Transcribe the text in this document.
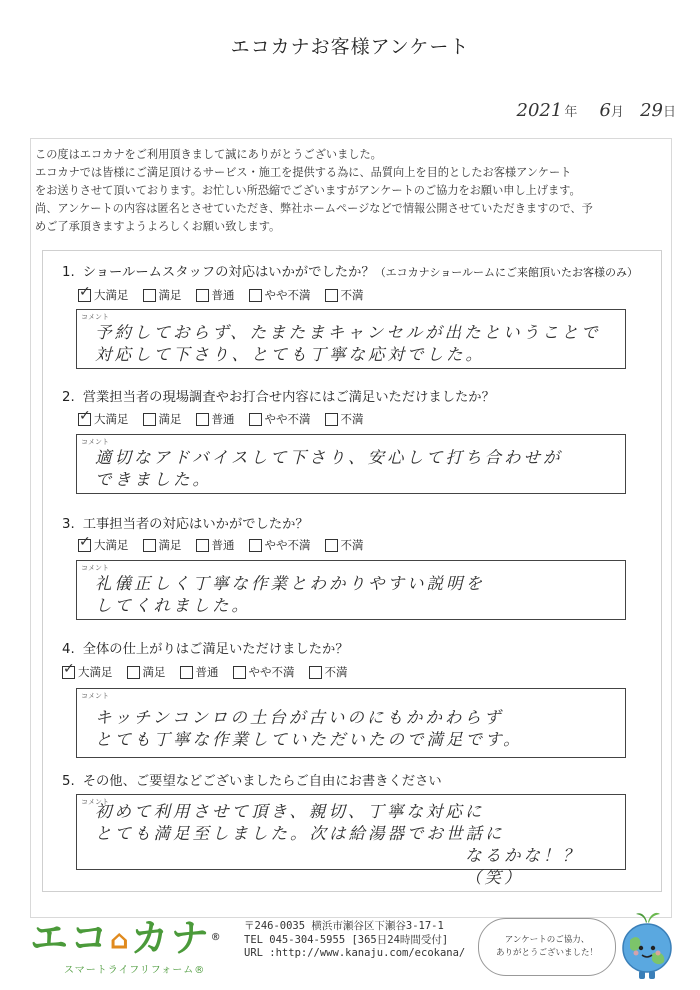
エコカナお客様アンケート
2021 年 6月 29日
この度はエコカナをご利用頂きまして誠にありがとうございました。
エコカナでは皆様にご満足頂けるサービス・施工を提供する為に、品質向上を目的としたお客様アンケート
をお送りさせて頂いております。お忙しい所恐縮でございますがアンケートのご協力をお願い申し上げます。
尚、アンケートの内容は匿名とさせていただき、弊社ホームページなどで情報公開させていただきますので、予
めご了承頂きますようよろしくお願い致します。
1. ショールームスタッフの対応はいかがでしたか？（エコカナショールームにご来館頂いたお客様のみ）
✓
大満足	満足	普通	やや不満	不満
コメント
予約しておらず、たまたまキャンセルが出たということで
対応して下さり、とても丁寧な応対でした。
2. 営業担当者の現場調査やお打合せ内容にはご満足いただけましたか？
✓
大満足	満足	普通	やや不満	不満
コメント
適切なアドバイスして下さり、安心して打ち合わせが
できました。
3. 工事担当者の対応はいかがでしたか？
✓
大満足	満足	普通	やや不満	不満
コメント
礼儀正しく丁寧な作業とわかりやすい説明を
してくれました。
4. 全体の仕上がりはご満足いただけましたか？
✓
大満足	満足	普通	やや不満	不満
コメント
キッチンコンロの土台が古いのにもかかわらず
とても丁寧な作業していただいたので満足です。
5. その他、ご要望などございましたらご自由にお書きください
コメント
初めて利用させて頂き、親切、丁寧な対応に
とても満足至しました。次は給湯器でお世話に
なるかな！？（笑）
エコ⌂カナ®
スマートライフリフォーム®
〒246-0035 横浜市瀬谷区下瀬谷3-17-1
TEL 045-304-5955 [365日24時間受付]
URL :http://www.kanaju.com/ecokana/
アンケートのご協力、
ありがとうございました！
